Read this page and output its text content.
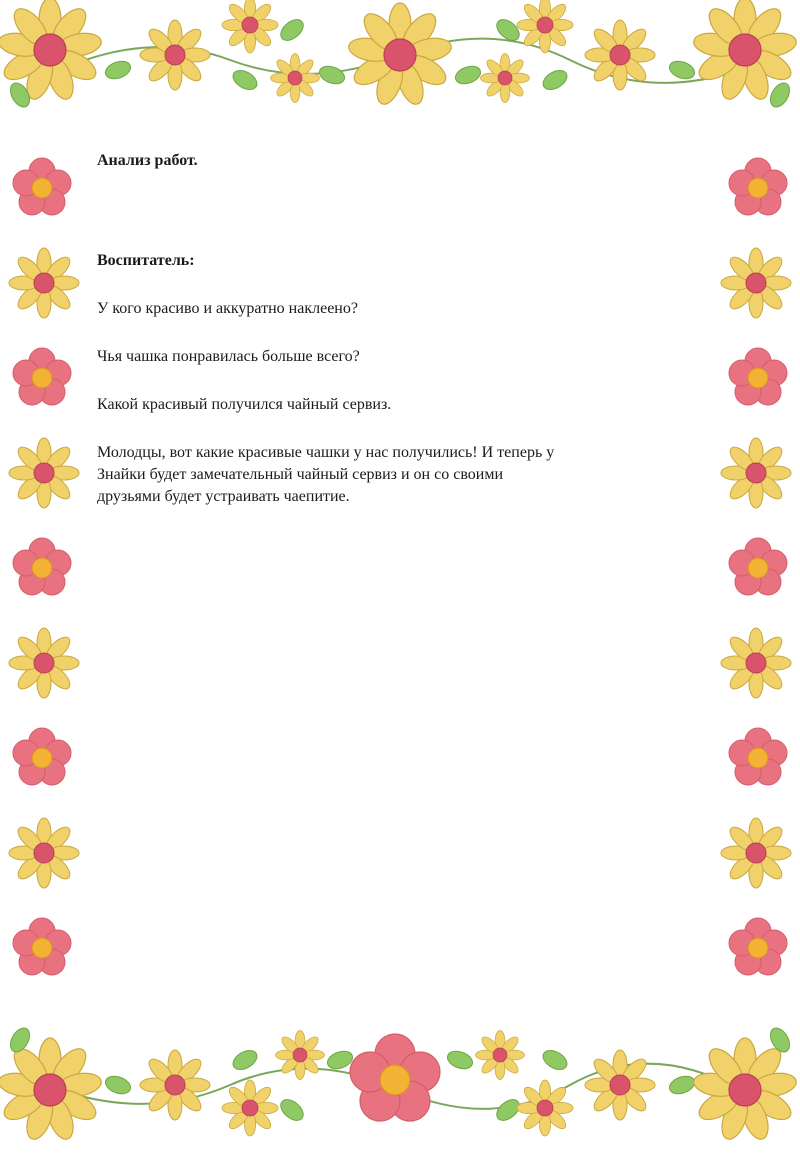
Анализ работ.

Воспитатель:

У кого красиво и аккуратно наклеено?

Чья чашка понравилась больше всего?

Какой красивый получился чайный сервиз.

Молодцы, вот какие красивые чашки у нас получились! И теперь у
Знайки будет замечательный чайный сервиз и он со своими
друзьями будет устраивать чаепитие.
